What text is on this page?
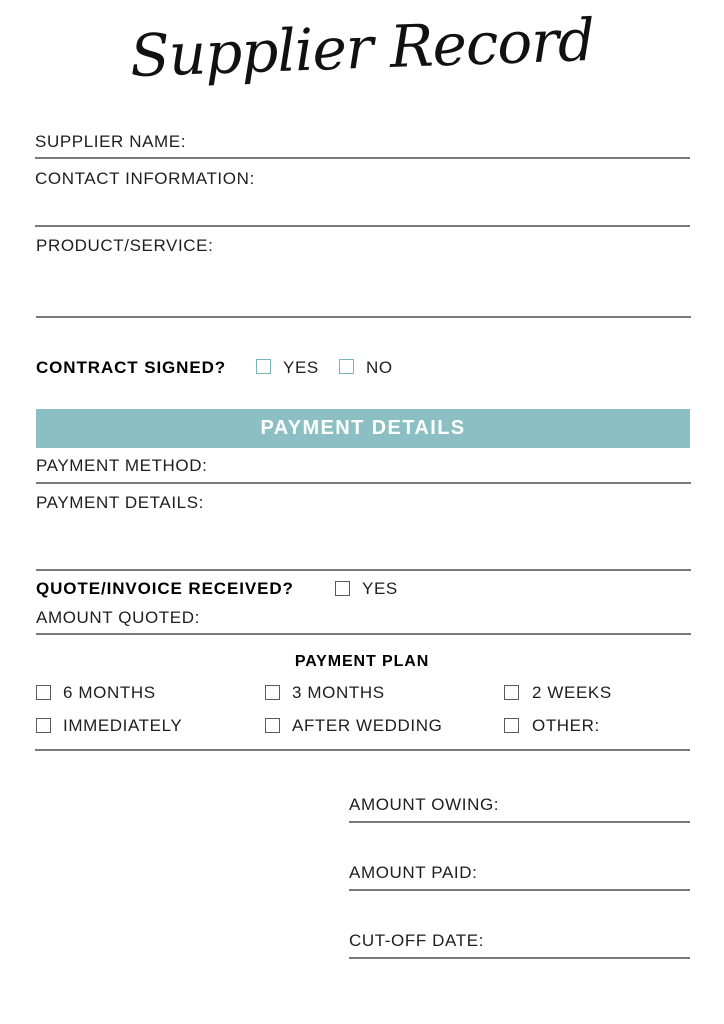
Supplier Record
SUPPLIER NAME:
CONTACT INFORMATION:
PRODUCT/SERVICE:
CONTRACT SIGNED?	YES	NO
PAYMENT DETAILS
PAYMENT METHOD:
PAYMENT DETAILS:
QUOTE/INVOICE RECEIVED?	YES
AMOUNT QUOTED:
PAYMENT PLAN
6 MONTHS	3 MONTHS	2 WEEKS
IMMEDIATELY	AFTER WEDDING	OTHER:
AMOUNT OWING:
AMOUNT PAID:
CUT-OFF DATE:
